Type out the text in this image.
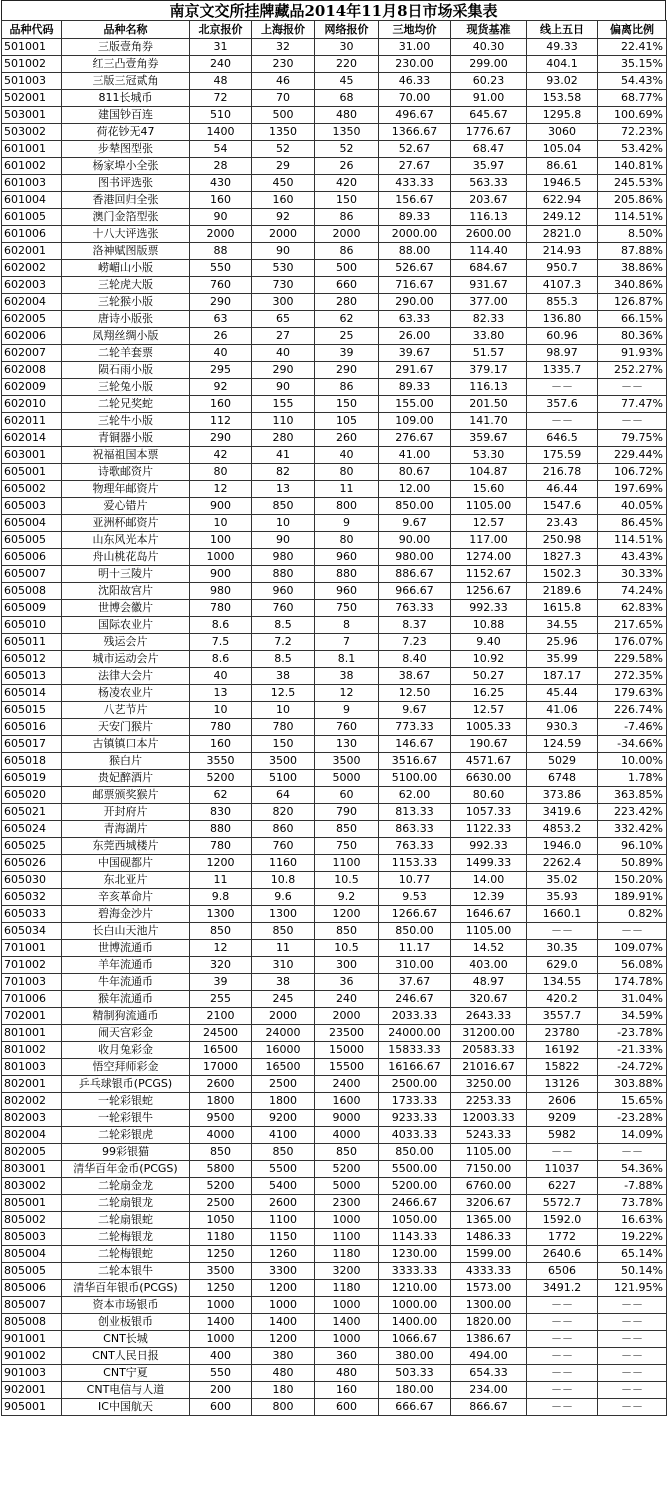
南京文交所挂牌藏品2014年11月8日市场采集表
品种代码	品种名称	北京报价	上海报价	网络报价	三地均价	现货基准	线上五日	偏离比例
501001	三版壹角券	31	32	30	31.00	40.30	49.33	22.41%
501002	红三凸壹角券	240	230	220	230.00	299.00	404.1	35.15%
501003	三版三冠贰角	48	46	45	46.33	60.23	93.02	54.43%
502001	811长城币	72	70	68	70.00	91.00	153.58	68.77%
503001	建国钞百连	510	500	480	496.67	645.67	1295.8	100.69%
503002	荷花钞无47	1400	1350	1350	1366.67	1776.67	3060	72.23%
601001	步辇图型张	54	52	52	52.67	68.47	105.04	53.42%
601002	杨家埠小全张	28	29	26	27.67	35.97	86.61	140.81%
601003	图书评选张	430	450	420	433.33	563.33	1946.5	245.53%
601004	香港回归全张	160	160	150	156.67	203.67	622.94	205.86%
601005	澳门金箔型张	90	92	86	89.33	116.13	249.12	114.51%
601006	十八大评选张	2000	2000	2000	2000.00	2600.00	2821.0	8.50%
602001	洛神赋图版票	88	90	86	88.00	114.40	214.93	87.88%
602002	崂嵋山小版	550	530	500	526.67	684.67	950.7	38.86%
602003	三轮虎大版	760	730	660	716.67	931.67	4107.3	340.86%
602004	三轮猴小版	290	300	280	290.00	377.00	855.3	126.87%
602005	唐诗小版张	63	65	62	63.33	82.33	136.80	66.15%
602006	凤翔丝绸小版	26	27	25	26.00	33.80	60.96	80.36%
602007	二轮羊套票	40	40	39	39.67	51.57	98.97	91.93%
602008	陨石雨小版	295	290	290	291.67	379.17	1335.7	252.27%
602009	三轮兔小版	92	90	86	89.33	116.13	－－	－－
602010	二轮兄奖蛇	160	155	150	155.00	201.50	357.6	77.47%
602011	三轮牛小版	112	110	105	109.00	141.70	－－	－－
602014	青铜器小版	290	280	260	276.67	359.67	646.5	79.75%
603001	祝福祖国本票	42	41	40	41.00	53.30	175.59	229.44%
605001	诗歌邮资片	80	82	80	80.67	104.87	216.78	106.72%
605002	物理年邮资片	12	13	11	12.00	15.60	46.44	197.69%
605003	爱心错片	900	850	800	850.00	1105.00	1547.6	40.05%
605004	亚洲杯邮资片	10	10	9	9.67	12.57	23.43	86.45%
605005	山东风光本片	100	90	80	90.00	117.00	250.98	114.51%
605006	舟山桃花岛片	1000	980	960	980.00	1274.00	1827.3	43.43%
605007	明十三陵片	900	880	880	886.67	1152.67	1502.3	30.33%
605008	沈阳故宫片	980	960	960	966.67	1256.67	2189.6	74.24%
605009	世博会徽片	780	760	750	763.33	992.33	1615.8	62.83%
605010	国际农业片	8.6	8.5	8	8.37	10.88	34.55	217.65%
605011	残运会片	7.5	7.2	7	7.23	9.40	25.96	176.07%
605012	城市运动会片	8.6	8.5	8.1	8.40	10.92	35.99	229.58%
605013	法律大会片	40	38	38	38.67	50.27	187.17	272.35%
605014	杨凌农业片	13	12.5	12	12.50	16.25	45.44	179.63%
605015	八艺节片	10	10	9	9.67	12.57	41.06	226.74%
605016	天安门猴片	780	780	760	773.33	1005.33	930.3	-7.46%
605017	古镇镇口本片	160	150	130	146.67	190.67	124.59	-34.66%
605018	猴白片	3550	3500	3500	3516.67	4571.67	5029	10.00%
605019	贵妃醉酒片	5200	5100	5000	5100.00	6630.00	6748	1.78%
605020	邮票颁奖猴片	62	64	60	62.00	80.60	373.86	363.85%
605021	开封府片	830	820	790	813.33	1057.33	3419.6	223.42%
605024	青海湖片	880	860	850	863.33	1122.33	4853.2	332.42%
605025	东莞西城楼片	780	760	750	763.33	992.33	1946.0	96.10%
605026	中国砚都片	1200	1160	1100	1153.33	1499.33	2262.4	50.89%
605030	东北亚片	11	10.8	10.5	10.77	14.00	35.02	150.20%
605032	辛亥革命片	9.8	9.6	9.2	9.53	12.39	35.93	189.91%
605033	碧海金沙片	1300	1300	1200	1266.67	1646.67	1660.1	0.82%
605034	长白山天池片	850	850	850	850.00	1105.00	－－	－－
701001	世博流通币	12	11	10.5	11.17	14.52	30.35	109.07%
701002	羊年流通币	320	310	300	310.00	403.00	629.0	56.08%
701003	牛年流通币	39	38	36	37.67	48.97	134.55	174.78%
701006	猴年流通币	255	245	240	246.67	320.67	420.2	31.04%
702001	精制狗流通币	2100	2000	2000	2033.33	2643.33	3557.7	34.59%
801001	闹天宫彩金	24500	24000	23500	24000.00	31200.00	23780	-23.78%
801002	收月兔彩金	16500	16000	15000	15833.33	20583.33	16192	-21.33%
801003	悟空拜师彩金	17000	16500	15500	16166.67	21016.67	15822	-24.72%
802001	乒乓球银币(PCGS)	2600	2500	2400	2500.00	3250.00	13126	303.88%
802002	一轮彩银蛇	1800	1800	1600	1733.33	2253.33	2606	15.65%
802003	一轮彩银牛	9500	9200	9000	9233.33	12003.33	9209	-23.28%
802004	二轮彩银虎	4000	4100	4000	4033.33	5243.33	5982	14.09%
802005	99彩银猫	850	850	850	850.00	1105.00	－－	－－
803001	清华百年金币(PCGS)	5800	5500	5200	5500.00	7150.00	11037	54.36%
803002	二轮扇金龙	5200	5400	5000	5200.00	6760.00	6227	-7.88%
805001	二轮扇银龙	2500	2600	2300	2466.67	3206.67	5572.7	73.78%
805002	二轮扇银蛇	1050	1100	1000	1050.00	1365.00	1592.0	16.63%
805003	二轮梅银龙	1180	1150	1100	1143.33	1486.33	1772	19.22%
805004	二轮梅银蛇	1250	1260	1180	1230.00	1599.00	2640.6	65.14%
805005	二轮本银牛	3500	3300	3200	3333.33	4333.33	6506	50.14%
805006	清华百年银币(PCGS)	1250	1200	1180	1210.00	1573.00	3491.2	121.95%
805007	资本市场银币	1000	1000	1000	1000.00	1300.00	－－	－－
805008	创业板银币	1400	1400	1400	1400.00	1820.00	－－	－－
901001	CNT长城	1000	1200	1000	1066.67	1386.67	－－	－－
901002	CNT人民日报	400	380	360	380.00	494.00	－－	－－
901003	CNT宁夏	550	480	480	503.33	654.33	－－	－－
902001	CNT电信与人道	200	180	160	180.00	234.00	－－	－－
905001	IC中国航天	600	800	600	666.67	866.67	－－	－－
